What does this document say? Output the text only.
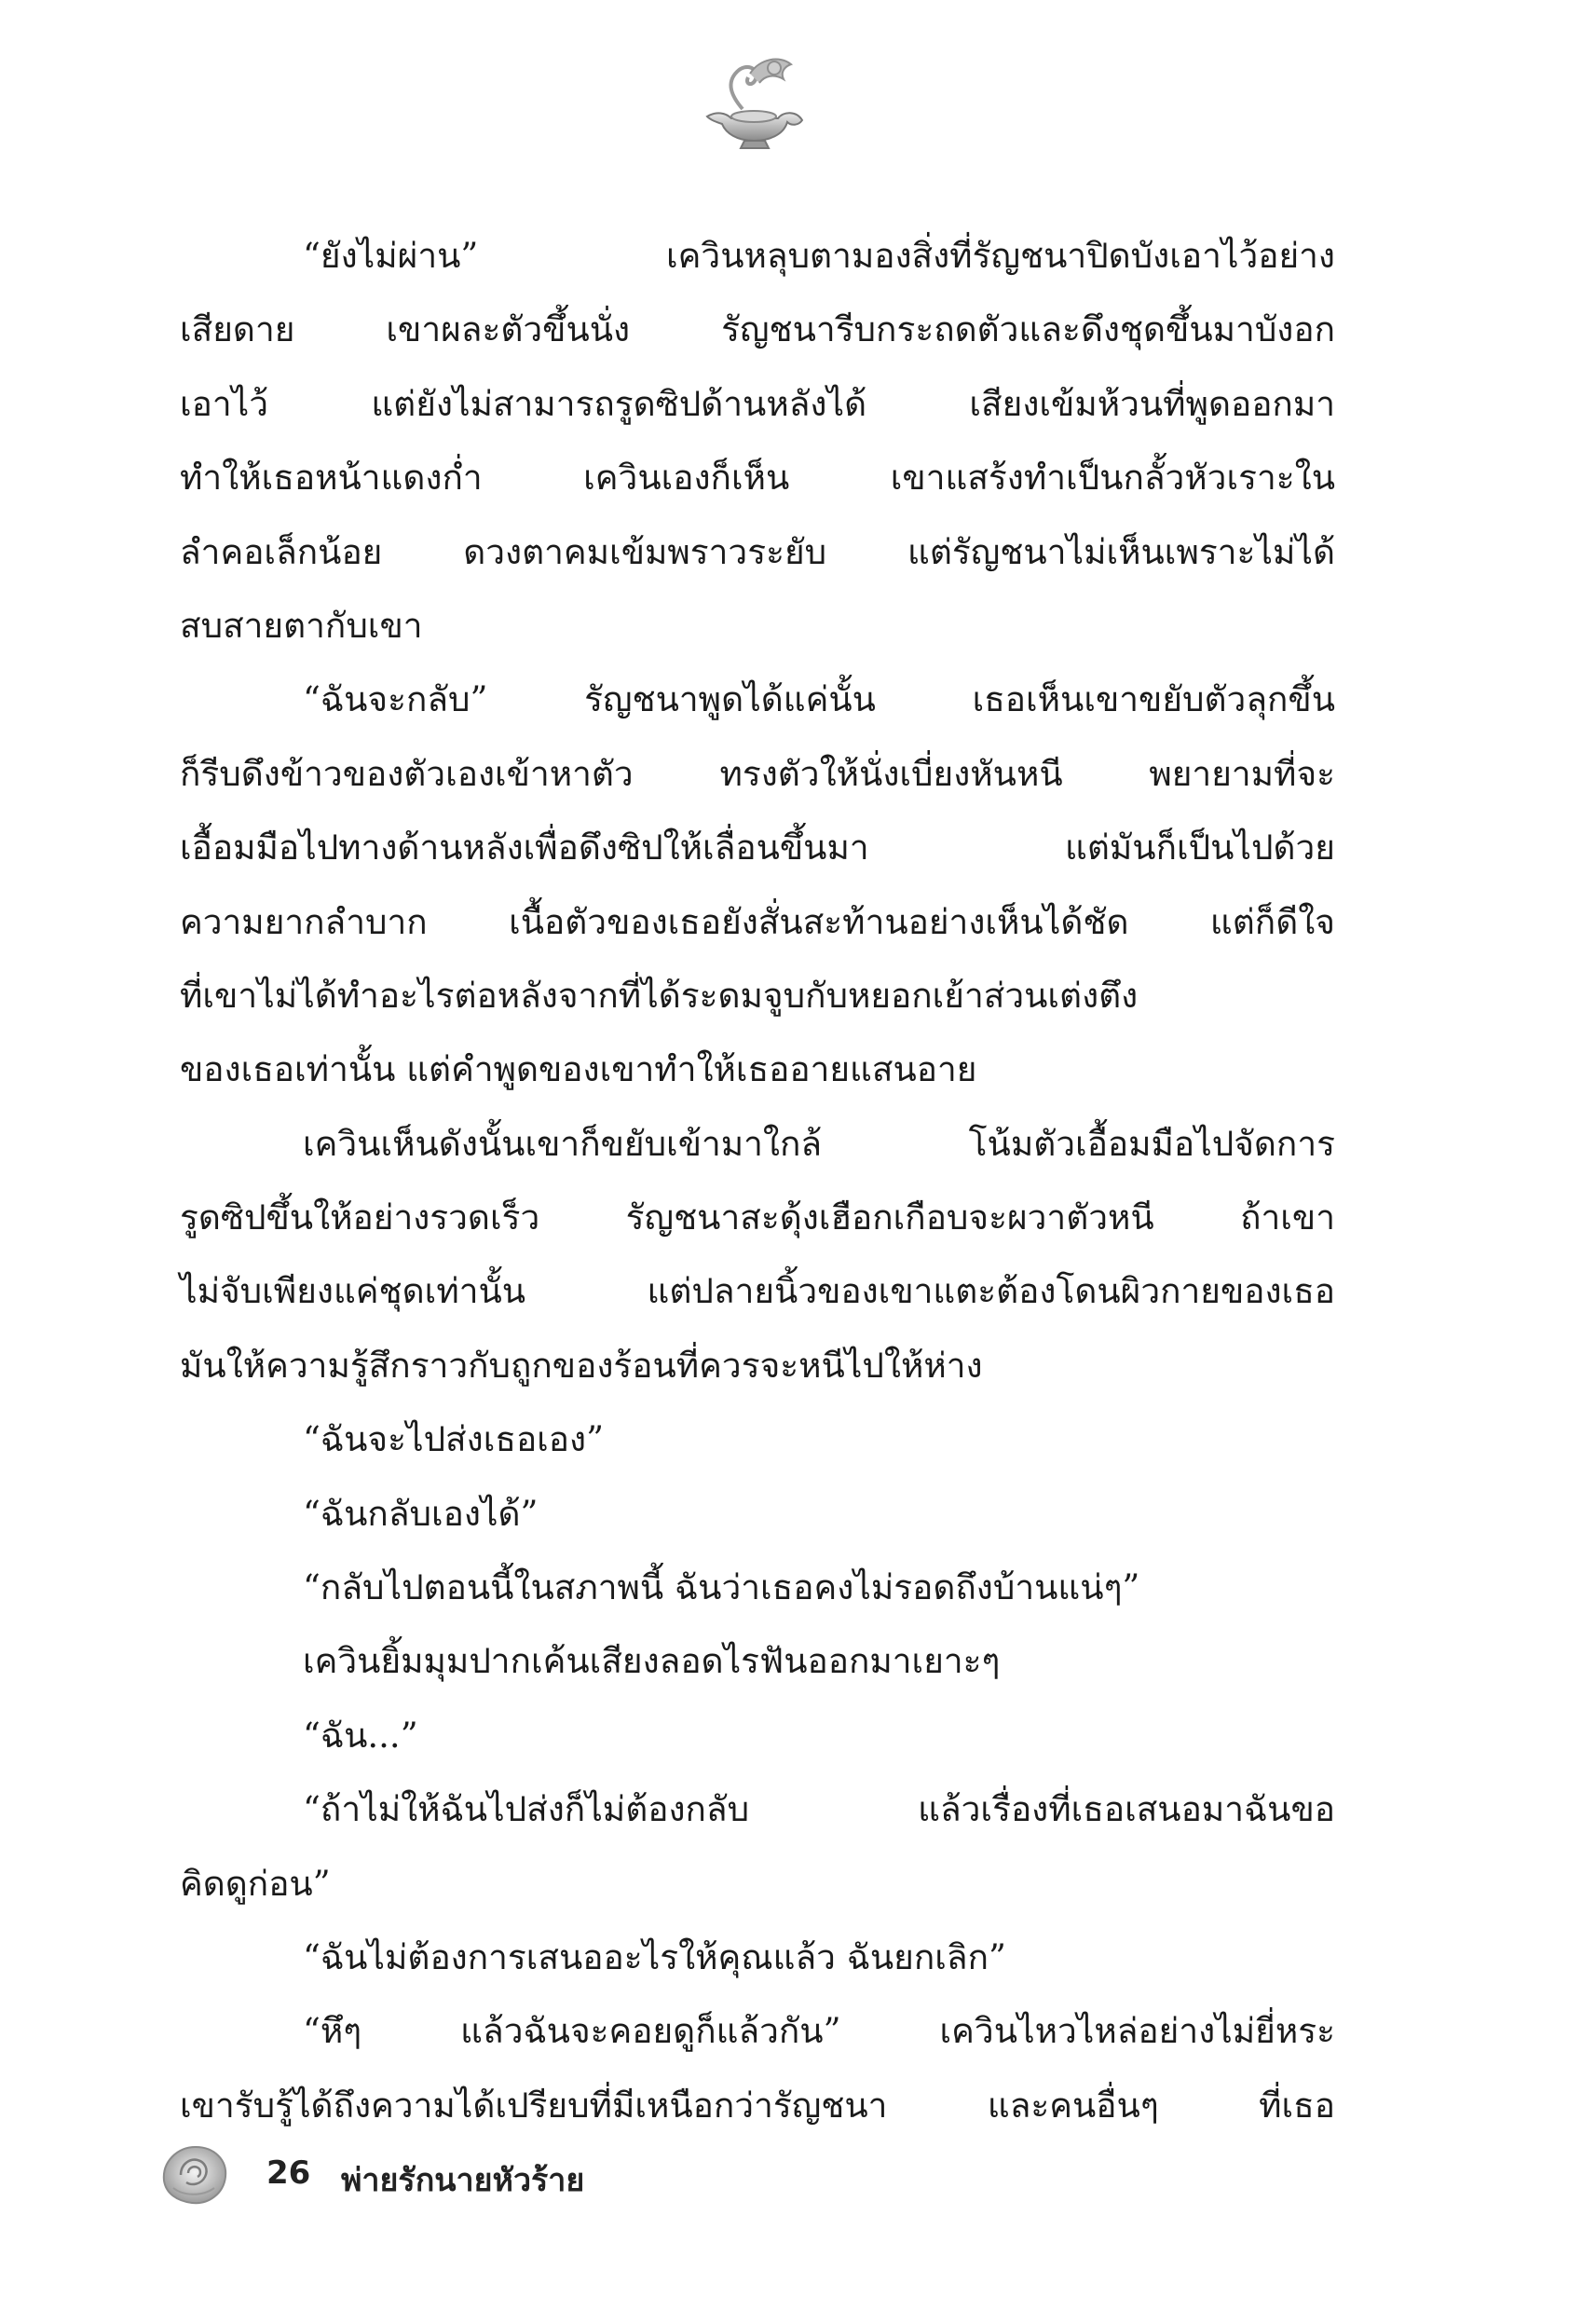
“ยังไม่ผ่าน” เควินหลุบตามองสิ่งที่รัญชนาปิดบังเอาไว้อย่าง
เสียดาย เขาผละตัวขึ้นนั่ง รัญชนารีบกระถดตัวและดึงชุดขึ้นมาบังอก
เอาไว้ แต่ยังไม่สามารถรูดซิปด้านหลังได้ เสียงเข้มห้วนที่พูดออกมา
ทำให้เธอหน้าแดงก่ำ เควินเองก็เห็น เขาแสร้งทำเป็นกลั้วหัวเราะใน
ลำคอเล็กน้อย ดวงตาคมเข้มพราวระยับ แต่รัญชนาไม่เห็นเพราะไม่ได้
สบสายตากับเขา
“ฉันจะกลับ” รัญชนาพูดได้แค่นั้น เธอเห็นเขาขยับตัวลุกขึ้น
ก็รีบดึงข้าวของตัวเองเข้าหาตัว ทรงตัวให้นั่งเบี่ยงหันหนี พยายามที่จะ
เอื้อมมือไปทางด้านหลังเพื่อดึงซิปให้เลื่อนขึ้นมา แต่มันก็เป็นไปด้วย
ความยากลำบาก เนื้อตัวของเธอยังสั่นสะท้านอย่างเห็นได้ชัด แต่ก็ดีใจ
ที่เขาไม่ได้ทำอะไรต่อหลังจากที่ได้ระดมจูบกับหยอกเย้าส่วนเต่งตึง
ของเธอเท่านั้น แต่คำพูดของเขาทำให้เธออายแสนอาย
เควินเห็นดังนั้นเขาก็ขยับเข้ามาใกล้ โน้มตัวเอื้อมมือไปจัดการ
รูดซิปขึ้นให้อย่างรวดเร็ว รัญชนาสะดุ้งเฮือกเกือบจะผวาตัวหนี ถ้าเขา
ไม่จับเพียงแค่ชุดเท่านั้น แต่ปลายนิ้วของเขาแตะต้องโดนผิวกายของเธอ
มันให้ความรู้สึกราวกับถูกของร้อนที่ควรจะหนีไปให้ห่าง
“ฉันจะไปส่งเธอเอง”
“ฉันกลับเองได้”
“กลับไปตอนนี้ในสภาพนี้ ฉันว่าเธอคงไม่รอดถึงบ้านแน่ๆ”
เควินยิ้มมุมปากเค้นเสียงลอดไรฟันออกมาเยาะๆ
“ฉัน...”
“ถ้าไม่ให้ฉันไปส่งก็ไม่ต้องกลับ แล้วเรื่องที่เธอเสนอมาฉันขอ
คิดดูก่อน”
“ฉันไม่ต้องการเสนออะไรให้คุณแล้ว ฉันยกเลิก”
“หึๆ แล้วฉันจะคอยดูก็แล้วกัน” เควินไหวไหล่อย่างไม่ยี่หระ
เขารับรู้ได้ถึงความได้เปรียบที่มีเหนือกว่ารัญชนา และคนอื่นๆ ที่เธอ
26 พ่ายรักนายหัวร้าย
